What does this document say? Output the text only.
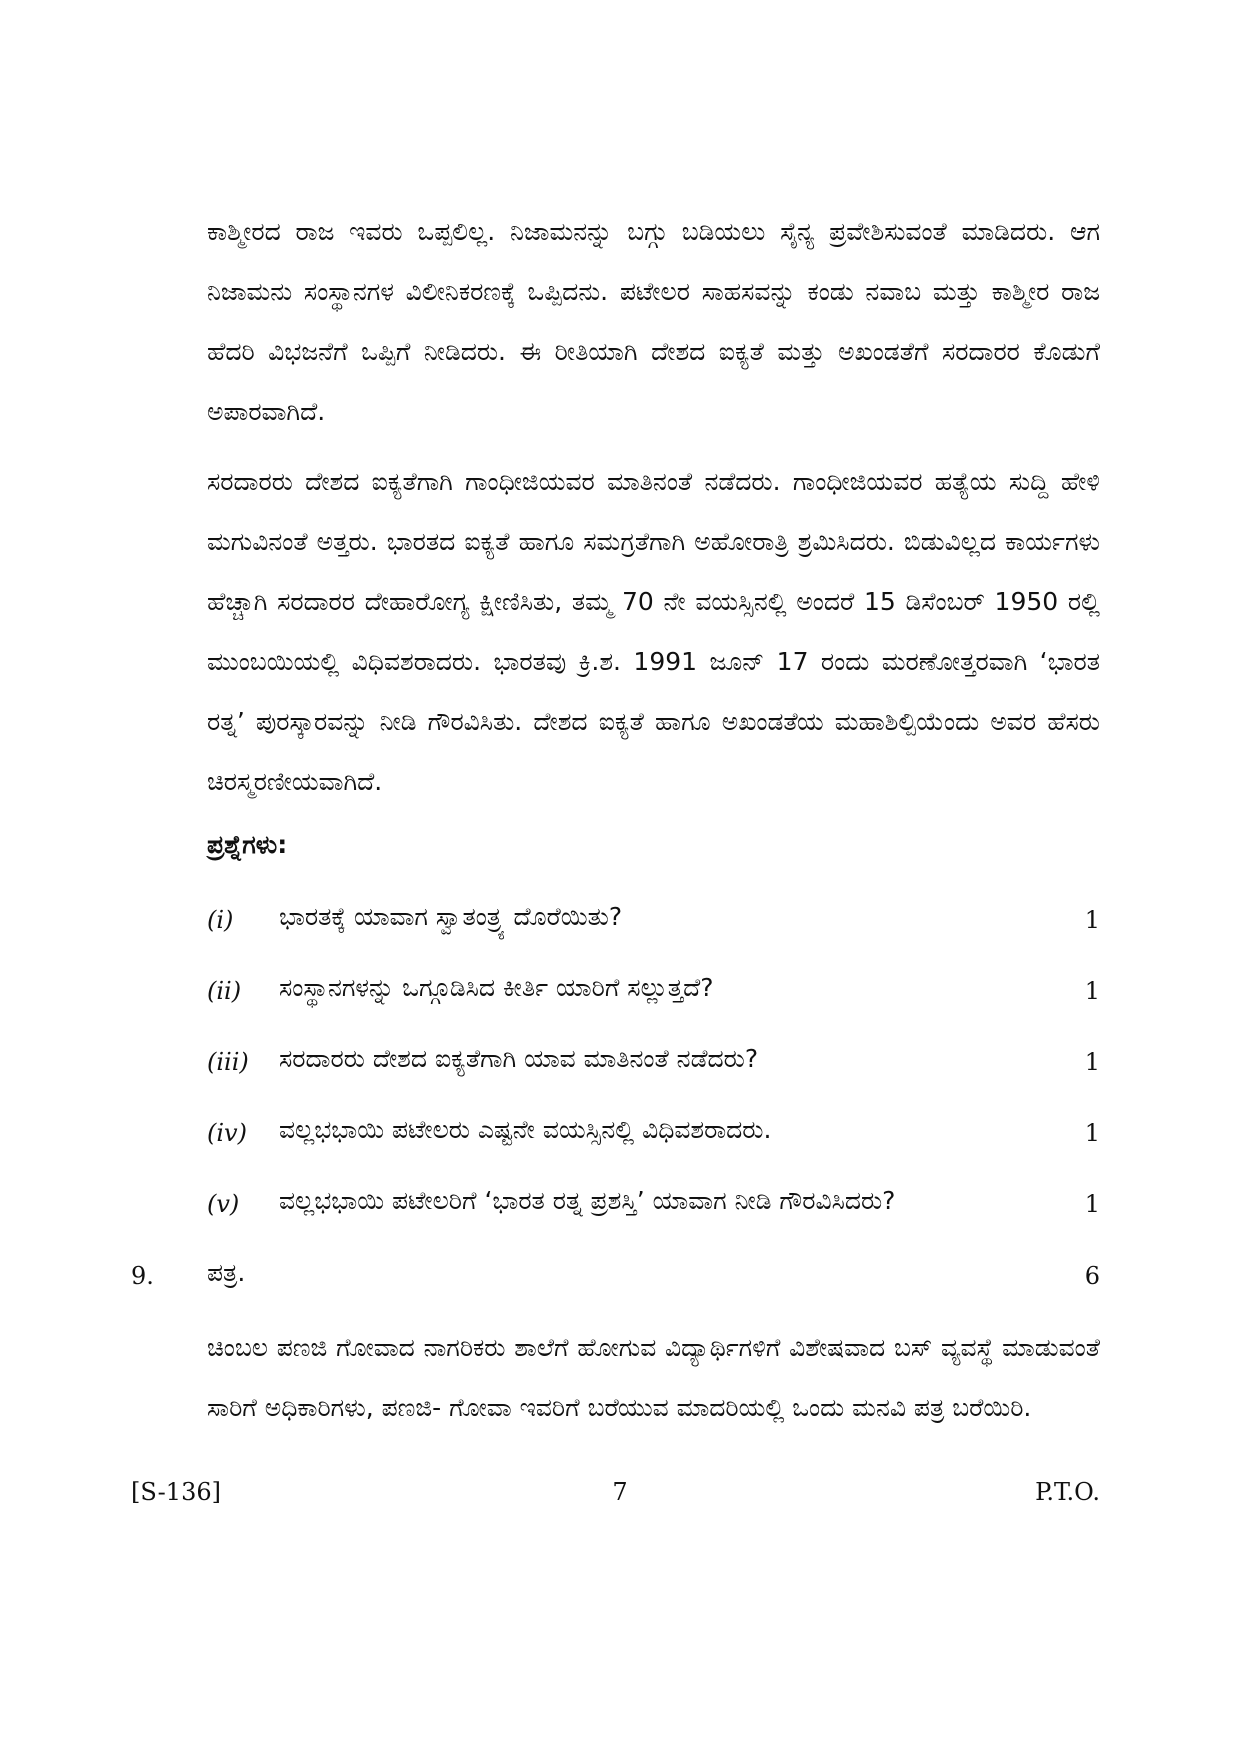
ಕಾಶ್ಮೀರದ ರಾಜ ಇವರು ಒಪ್ಪಲಿಲ್ಲ. ನಿಜಾಮನನ್ನು ಬಗ್ಗು ಬಡಿಯಲು ಸೈನ್ಯ ಪ್ರವೇಶಿಸುವಂತೆ ಮಾಡಿದರು. ಆಗ ನಿಜಾಮನು ಸಂಸ್ಥಾನಗಳ ವಿಲೀನಿಕರಣಕ್ಕೆ ಒಪ್ಪಿದನು. ಪಟೇಲರ ಸಾಹಸವನ್ನು ಕಂಡು ನವಾಬ ಮತ್ತು ಕಾಶ್ಮೀರ ರಾಜ ಹೆದರಿ ವಿಭಜನೆಗೆ ಒಪ್ಪಿಗೆ ನೀಡಿದರು. ಈ ರೀತಿಯಾಗಿ ದೇಶದ ಐಕ್ಯತೆ ಮತ್ತು ಅಖಂಡತೆಗೆ ಸರದಾರರ ಕೊಡುಗೆ ಅಪಾರವಾಗಿದೆ.

ಸರದಾರರು ದೇಶದ ಐಕ್ಯತೆಗಾಗಿ ಗಾಂಧೀಜಿಯವರ ಮಾತಿನಂತೆ ನಡೆದರು. ಗಾಂಧೀಜಿಯವರ ಹತ್ಯೆಯ ಸುದ್ದಿ ಹೇಳಿ ಮಗುವಿನಂತೆ ಅತ್ತರು. ಭಾರತದ ಐಕ್ಯತೆ ಹಾಗೂ ಸಮಗ್ರತೆಗಾಗಿ ಅಹೋರಾತ್ರಿ ಶ್ರಮಿಸಿದರು. ಬಿಡುವಿಲ್ಲದ ಕಾರ್ಯಗಳು ಹೆಚ್ಚಾಗಿ ಸರದಾರರ ದೇಹಾರೋಗ್ಯ ಕ್ಷೀಣಿಸಿತು, ತಮ್ಮ 70 ನೇ ವಯಸ್ಸಿನಲ್ಲಿ ಅಂದರೆ 15 ಡಿಸೆಂಬರ್ 1950 ರಲ್ಲಿ ಮುಂಬಯಿಯಲ್ಲಿ ವಿಧಿವಶರಾದರು. ಭಾರತವು ಕ್ರಿ.ಶ. 1991 ಜೂನ್ 17 ರಂದು ಮರಣೋತ್ತರವಾಗಿ ‘ಭಾರತ ರತ್ನ’ ಪುರಸ್ಕಾರವನ್ನು ನೀಡಿ ಗೌರವಿಸಿತು. ದೇಶದ ಐಕ್ಯತೆ ಹಾಗೂ ಅಖಂಡತೆಯ ಮಹಾಶಿಲ್ಪಿಯೆಂದು ಅವರ ಹೆಸರು ಚಿರಸ್ಮರಣೀಯವಾಗಿದೆ.

ಪ್ರಶ್ನೆಗಳು:

(i) ಭಾರತಕ್ಕೆ ಯಾವಾಗ ಸ್ವಾತಂತ್ರ್ಯ ದೊರೆಯಿತು?	1
(ii) ಸಂಸ್ಥಾನಗಳನ್ನು ಒಗ್ಗೂಡಿಸಿದ ಕೀರ್ತಿ ಯಾರಿಗೆ ಸಲ್ಲುತ್ತದೆ?	1
(iii) ಸರದಾರರು ದೇಶದ ಐಕ್ಯತೆಗಾಗಿ ಯಾವ ಮಾತಿನಂತೆ ನಡೆದರು?	1
(iv) ವಲ್ಲಭಭಾಯಿ ಪಟೇಲರು ಎಷ್ಟನೇ ವಯಸ್ಸಿನಲ್ಲಿ ವಿಧಿವಶರಾದರು.	1
(v) ವಲ್ಲಭಭಾಯಿ ಪಟೇಲರಿಗೆ ‘ಭಾರತ ರತ್ನ ಪ್ರಶಸ್ತಿ’ ಯಾವಾಗ ನೀಡಿ ಗೌರವಿಸಿದರು?	1
9. ಪತ್ರ.	6

ಚಿಂಬಲ ಪಣಜಿ ಗೋವಾದ ನಾಗರಿಕರು ಶಾಲೆಗೆ ಹೋಗುವ ವಿದ್ಯಾರ್ಥಿಗಳಿಗೆ ವಿಶೇಷವಾದ ಬಸ್ ವ್ಯವಸ್ಥೆ ಮಾಡುವಂತೆ ಸಾರಿಗೆ ಅಧಿಕಾರಿಗಳು, ಪಣಜಿ- ಗೋವಾ ಇವರಿಗೆ ಬರೆಯುವ ಮಾದರಿಯಲ್ಲಿ ಒಂದು ಮನವಿ ಪತ್ರ ಬರೆಯಿರಿ.

[S-136]	7	P.T.O.
